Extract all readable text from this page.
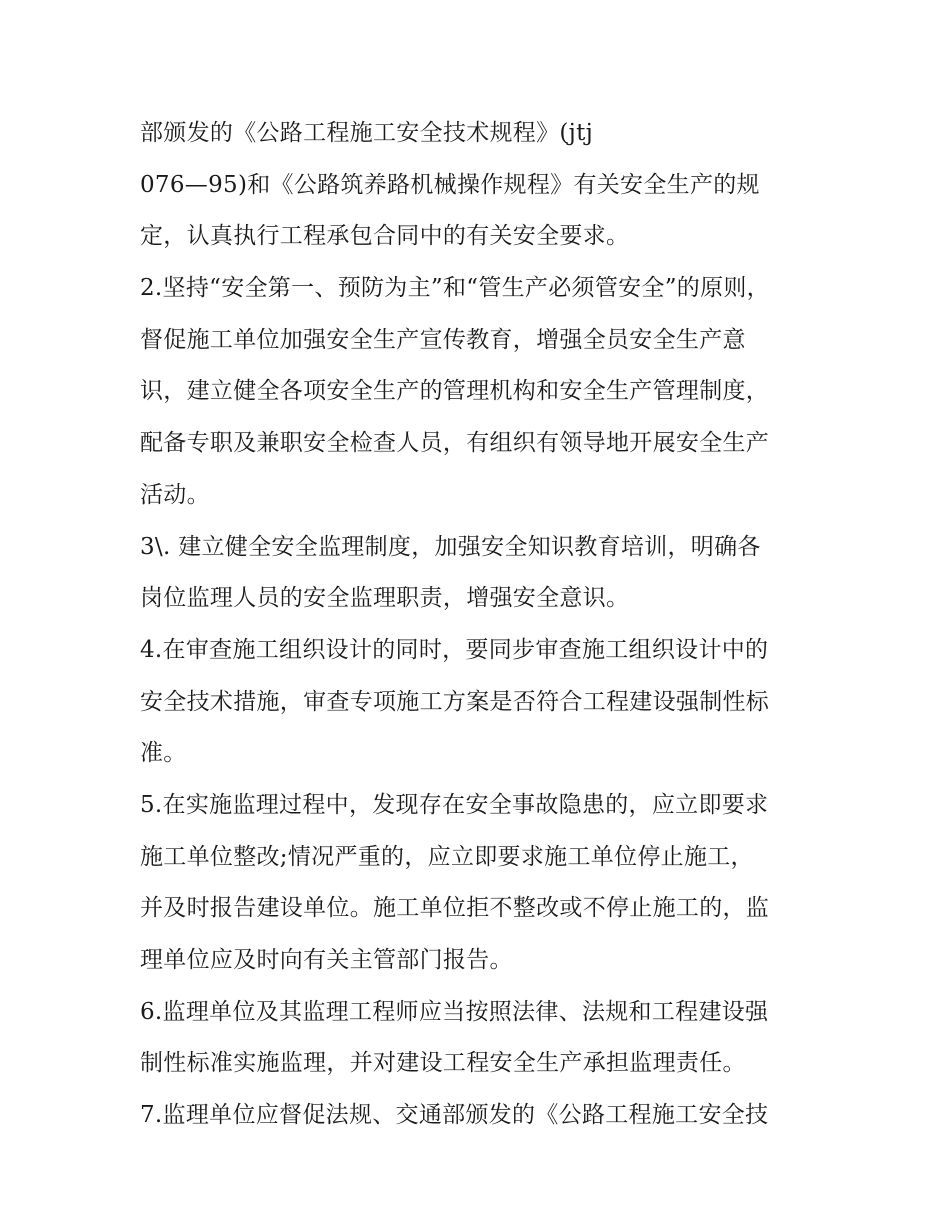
部颁发的《公路工程施工安全技术规程》(jtj
076—95)和《公路筑养路机械操作规程》有关安全生产的规
定，认真执行工程承包合同中的有关安全要求。
2.坚持“安全第一、预防为主”和“管生产必须管安全”的原则，
督促施工单位加强安全生产宣传教育，增强全员安全生产意
识，建立健全各项安全生产的管理机构和安全生产管理制度，
配备专职及兼职安全检查人员，有组织有领导地开展安全生产
活动。
3\. 建立健全安全监理制度，加强安全知识教育培训，明确各
岗位监理人员的安全监理职责，增强安全意识。
4.在审查施工组织设计的同时，要同步审查施工组织设计中的
安全技术措施，审查专项施工方案是否符合工程建设强制性标
准。
5.在实施监理过程中，发现存在安全事故隐患的，应立即要求
施工单位整改;情况严重的，应立即要求施工单位停止施工，
并及时报告建设单位。施工单位拒不整改或不停止施工的，监
理单位应及时向有关主管部门报告。
6.监理单位及其监理工程师应当按照法律、法规和工程建设强
制性标准实施监理，并对建设工程安全生产承担监理责任。
7.监理单位应督促法规、交通部颁发的《公路工程施工安全技
